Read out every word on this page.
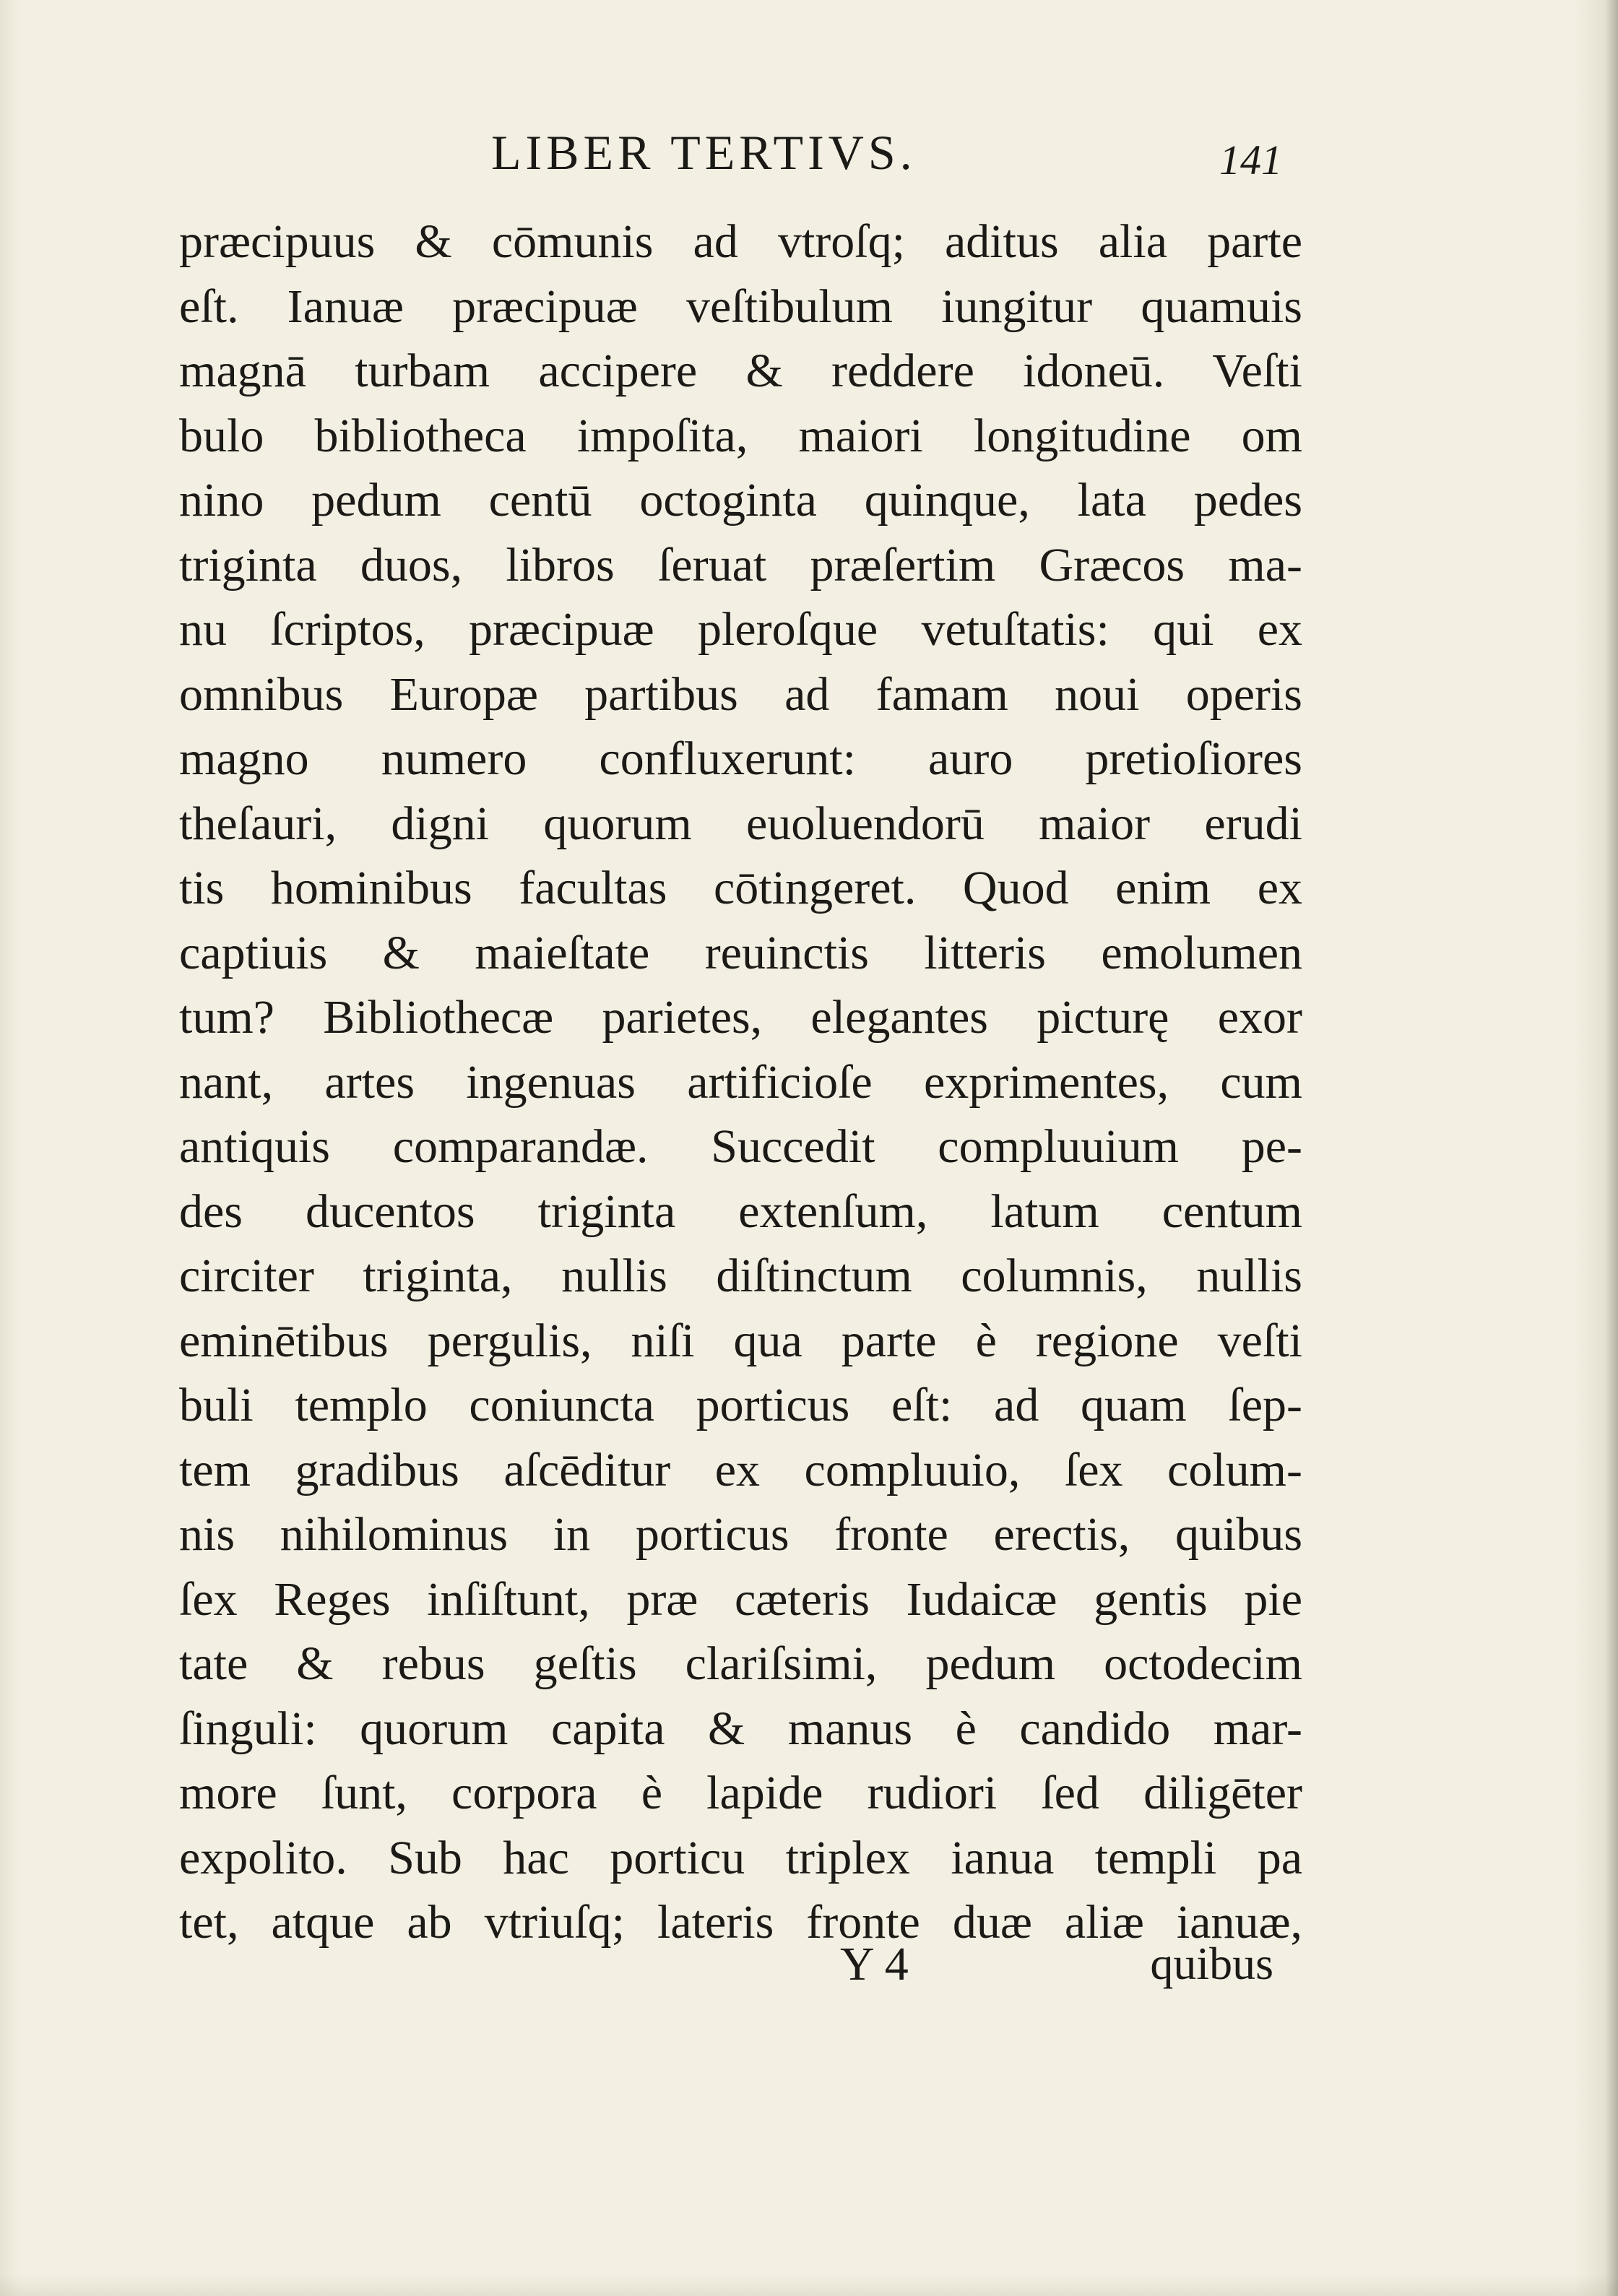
LIBER TERTIVS.	141
præcipuus & cōmunis ad vtroſq; aditus alia parte
eſt. Ianuæ præcipuæ veſtibulum iungitur quamuis
magnā turbam accipere & reddere idoneū. Veſti
bulo bibliotheca impoſita, maiori longitudine om
nino pedum centū octoginta quinque, lata pedes
triginta duos, libros ſeruat præſertim Græcos ma-
nu ſcriptos, præcipuæ pleroſque vetuſtatis: qui ex
omnibus Europæ partibus ad famam noui operis
magno numero confluxerunt: auro pretioſiores
theſauri, digni quorum euoluendorū maior erudi
tis hominibus facultas cōtingeret. Quod enim ex
captiuis & maieſtate reuinctis litteris emolumen
tum? Bibliothecæ parietes, elegantes picturę exor
nant, artes ingenuas artificioſe exprimentes, cum
antiquis comparandæ. Succedit compluuium pe-
des ducentos triginta extenſum, latum centum
circiter triginta, nullis diſtinctum columnis, nullis
eminētibus pergulis, niſi qua parte è regione veſti
buli templo coniuncta porticus eſt: ad quam ſep-
tem gradibus aſcēditur ex compluuio, ſex colum-
nis nihilominus in porticus fronte erectis, quibus
ſex Reges inſiſtunt, præ cæteris Iudaicæ gentis pie
tate & rebus geſtis clariſsimi, pedum octodecim
ſinguli: quorum capita & manus è candido mar-
more ſunt, corpora è lapide rudiori ſed diligēter
expolito. Sub hac porticu triplex ianua templi pa
tet, atque ab vtriuſq; lateris fronte duæ aliæ ianuæ,
Y 4	quibus
